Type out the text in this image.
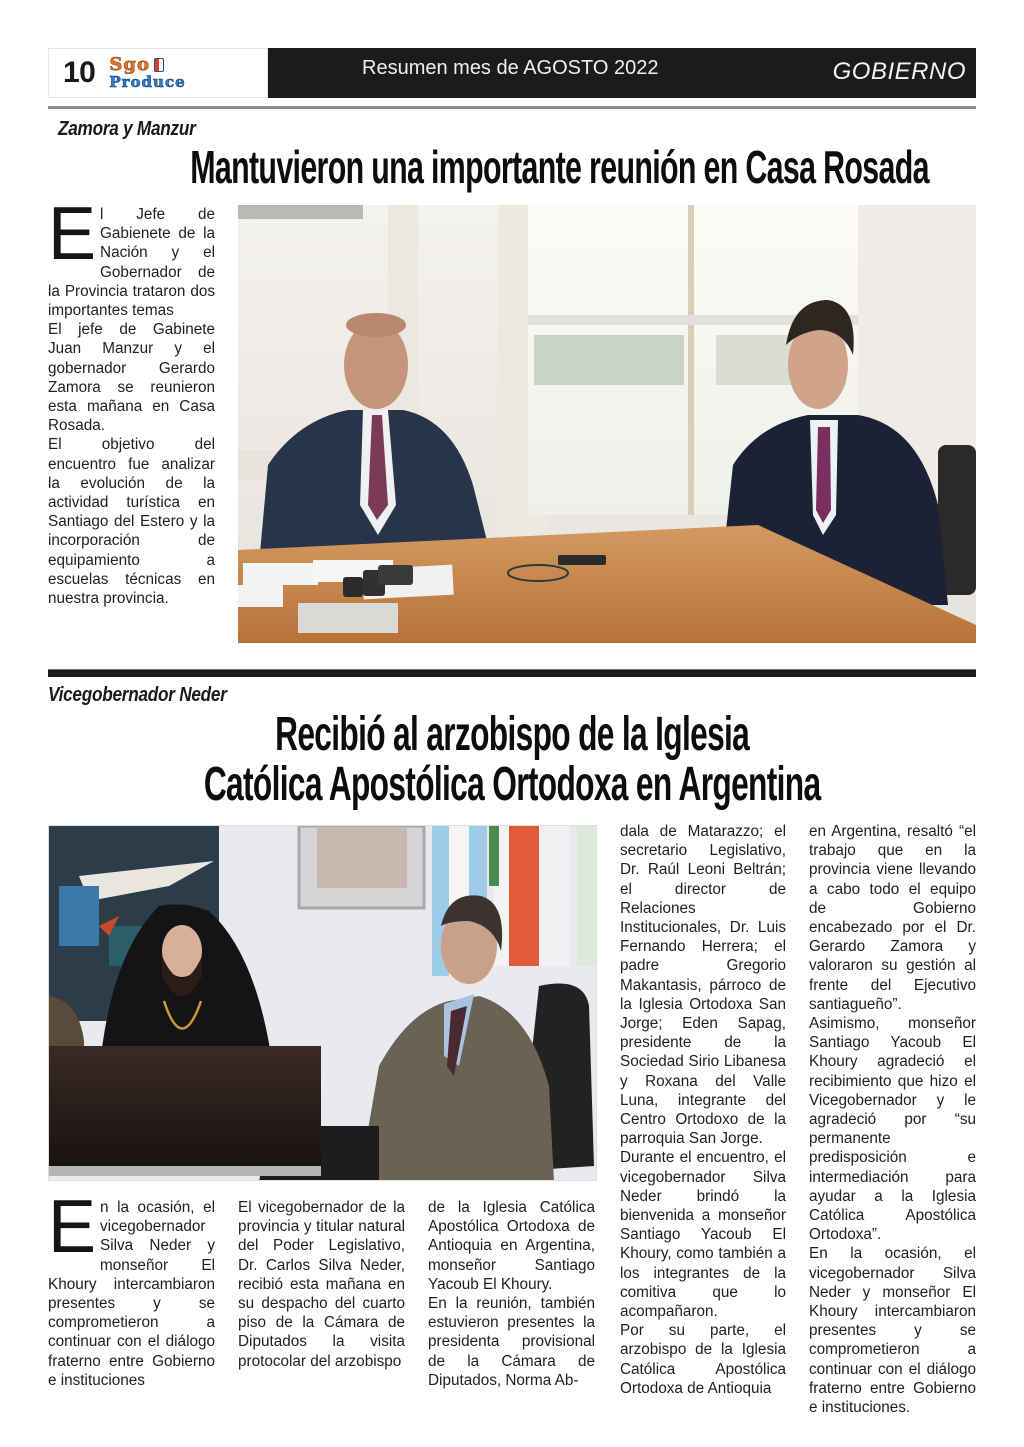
10 Sgo
Produce
Resumen mes de AGOSTO 2022	GOBIERNO
Zamora y Manzur
Mantuvieron una importante reunión en Casa Rosada
E l Jefe de Gabienete de la Nación y el Gobernador de la Provincia trataron dos importantes temas

El jefe de Gabinete Juan Manzur y el gobernador Gerardo Zamora se reunieron esta mañana en Casa Rosada.

El objetivo del encuentro fue analizar la evolución de la actividad turística en Santiago del Estero y la incorporación de equipamiento a escuelas técnicas en nuestra provincia.

Vicegobernador Neder
Recibió al arzobispo de la Iglesia
Católica Apostólica Ortodoxa en Argentina
E n la ocasión, el vicegobernador Silva Neder y monseñor El Khoury intercambiaron presentes y se comprometieron a continuar con el diálogo fraterno entre Gobierno e instituciones

El vicegobernador de la provincia y titular natural del Poder Legislativo, Dr. Carlos Silva Neder, recibió esta mañana en su despacho del cuarto piso de la Cámara de Diputados la visita protocolar del arzobispo

de la Iglesia Católica Apostólica Ortodoxa de Antioquia en Argentina, monseñor Santiago Yacoub El Khoury.

En la reunión, también estuvieron presentes la presidenta provisional de la Cámara de Diputados, Norma Ab-

dala de Matarazzo; el secretario Legislativo, Dr. Raúl Leoni Beltrán; el director de Relaciones Institucionales, Dr. Luis Fernando Herrera; el padre Gregorio Makantasis, párroco de la Iglesia Ortodoxa San Jorge; Eden Sapag, presidente de la Sociedad Sirio Libanesa y Roxana del Valle Luna, integrante del Centro Ortodoxo de la parroquia San Jorge.

Durante el encuentro, el vicegobernador Silva Neder brindó la bienvenida a monseñor Santiago Yacoub El Khoury, como también a los integrantes de la comitiva que lo acompañaron.

Por su parte, el arzobispo de la Iglesia Católica Apostólica Ortodoxa de Antioquia

en Argentina, resaltó “el trabajo que en la provincia viene llevando a cabo todo el equipo de Gobierno encabezado por el Dr. Gerardo Zamora y valoraron su gestión al frente del Ejecutivo santiagueño”.

Asimismo, monseñor Santiago Yacoub El Khoury agradeció el recibimiento que hizo el Vicegobernador y le agradeció por “su permanente predisposición e intermediación para ayudar a la Iglesia Católica Apostólica Ortodoxa”.

En la ocasión, el vicegobernador Silva Neder y monseñor El Khoury intercambiaron presentes y se comprometieron a continuar con el diálogo fraterno entre Gobierno e instituciones.
